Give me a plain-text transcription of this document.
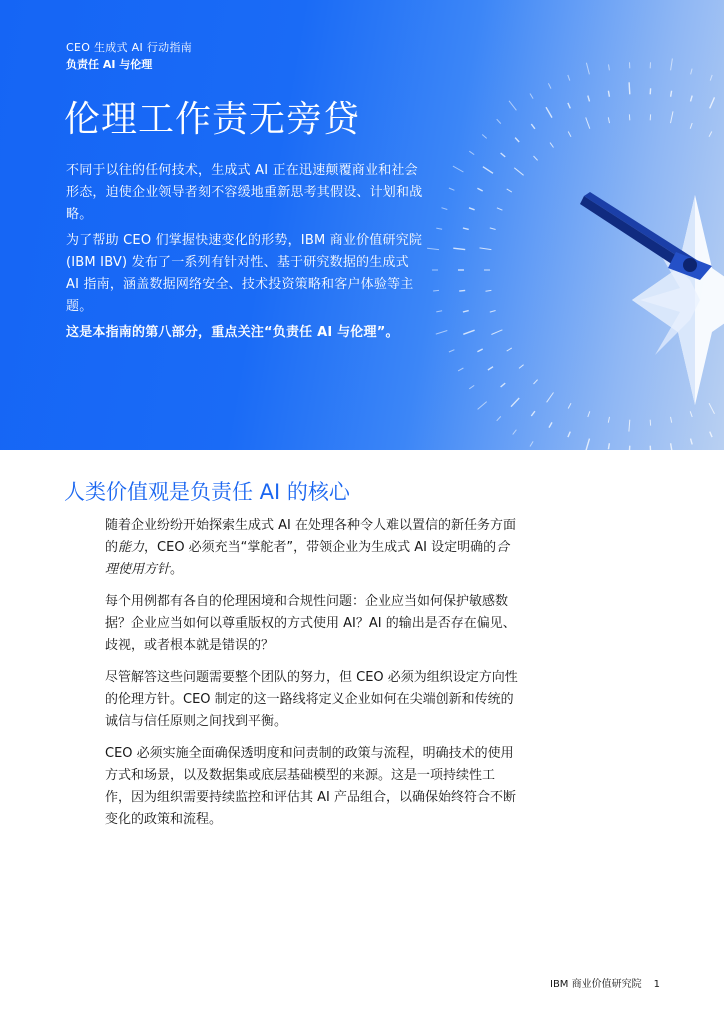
CEO 生成式 AI 行动指南

负责任 AI 与伦理

伦理工作责无旁贷

不同于以往的任何技术，生成式 AI 正在迅速颠覆商业和社会形态，迫使企业领导者刻不容缓地重新思考其假设、计划和战略。

为了帮助 CEO 们掌握快速变化的形势，IBM 商业价值研究院 (IBM IBV) 发布了一系列有针对性、基于研究数据的生成式 AI 指南，涵盖数据网络安全、技术投资策略和客户体验等主题。

这是本指南的第八部分，重点关注“负责任 AI 与伦理”。

人类价值观是负责任 AI 的核心

随着企业纷纷开始探索生成式 AI 在处理各种令人难以置信的新任务方面的能力，CEO 必须充当“掌舵者”，带领企业为生成式 AI 设定明确的合理使用方针。

每个用例都有各自的伦理困境和合规性问题：企业应当如何保护敏感数据？企业应当如何以尊重版权的方式使用 AI？AI 的输出是否存在偏见、歧视，或者根本就是错误的？

尽管解答这些问题需要整个团队的努力，但 CEO 必须为组织设定方向性的伦理方针。CEO 制定的这一路线将定义企业如何在尖端创新和传统的诚信与信任原则之间找到平衡。

CEO 必须实施全面确保透明度和问责制的政策与流程，明确技术的使用方式和场景，以及数据集或底层基础模型的来源。这是一项持续性工作，因为组织需要持续监控和评估其 AI 产品组合，以确保始终符合不断变化的政策和流程。

IBM 商业价值研究院 1
